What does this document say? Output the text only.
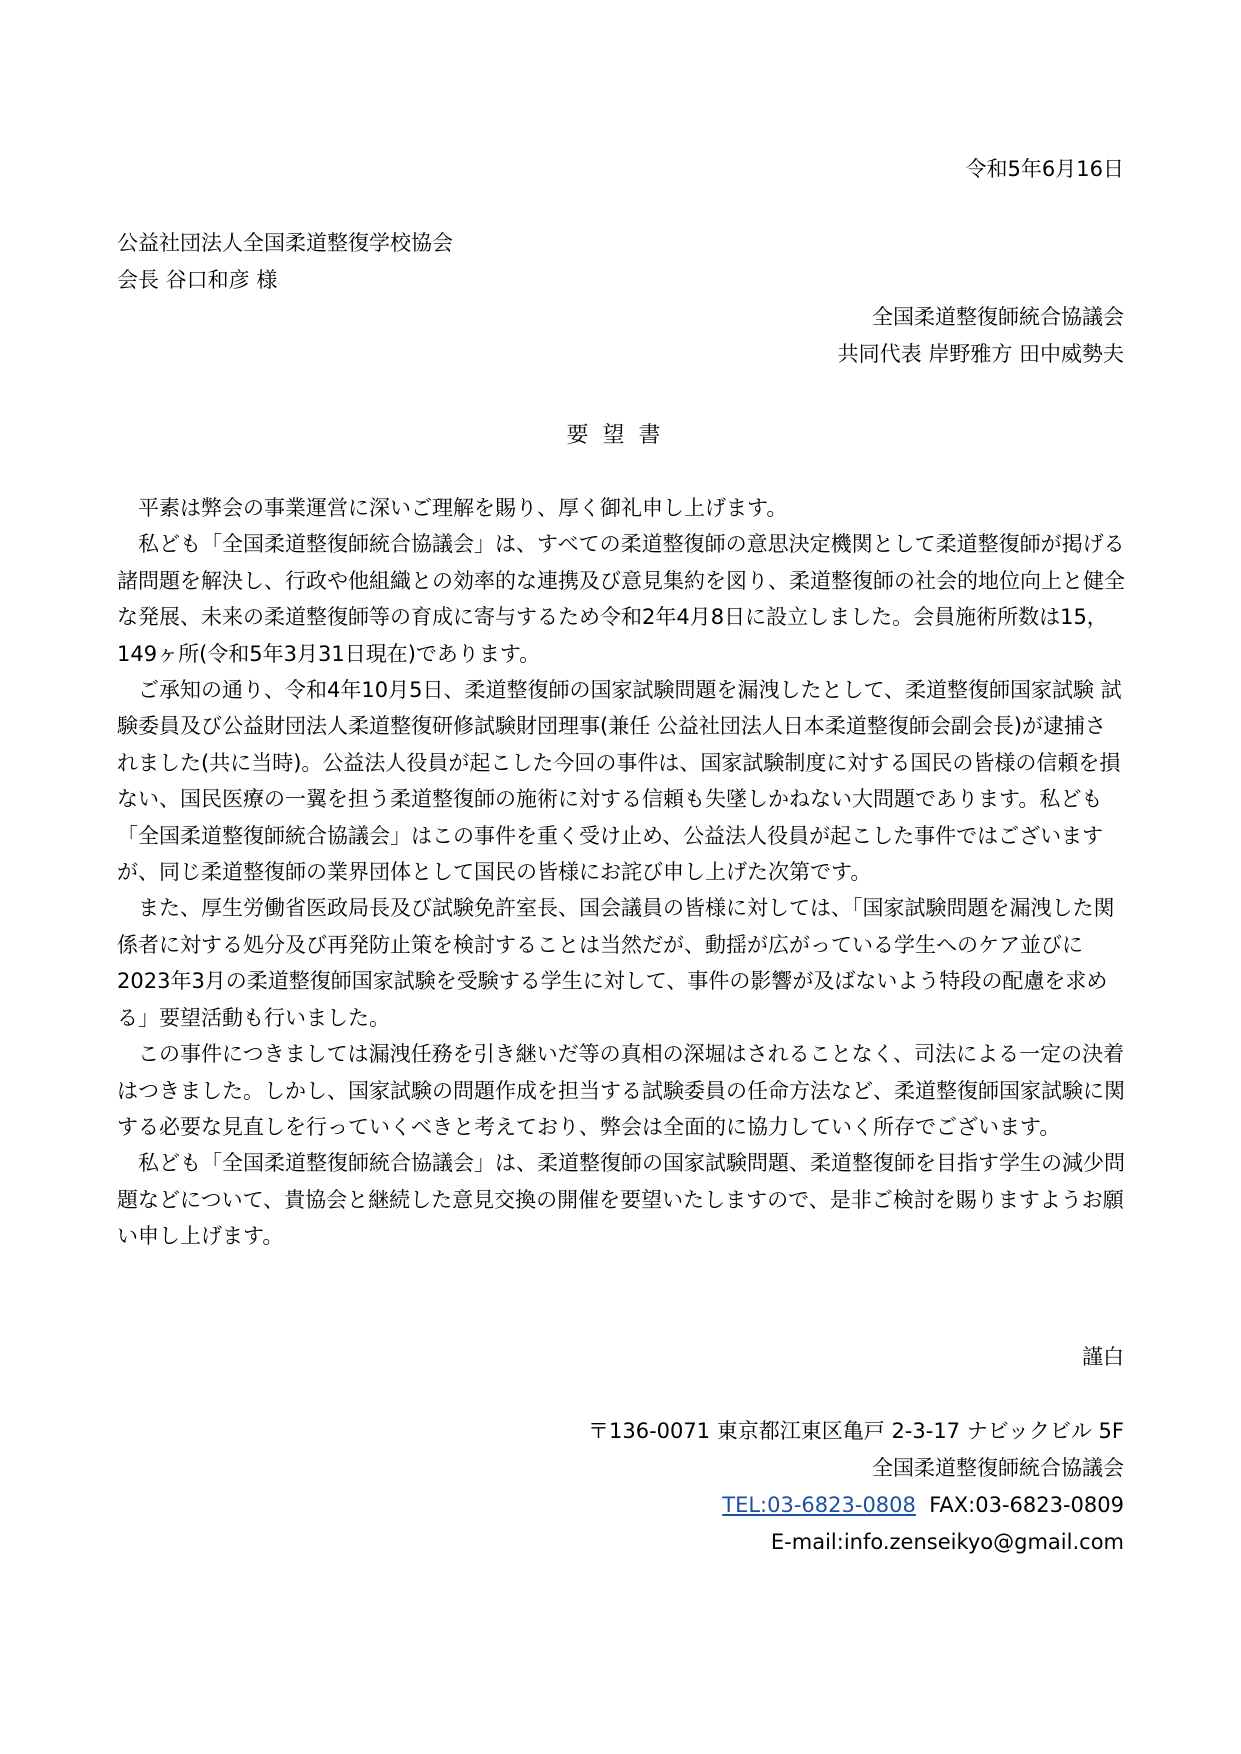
令和5年6月16日
公益社団法人全国柔道整復学校協会
会長 谷口和彦 様
全国柔道整復師統合協議会
共同代表 岸野雅方 田中威勢夫
要望書

平素は弊会の事業運営に深いご理解を賜り、厚く御礼申し上げます。

私ども「全国柔道整復師統合協議会」は、すべての柔道整復師の意思決定機関として柔道整復師が掲げる諸問題を解決し、行政や他組織との効率的な連携及び意見集約を図り、柔道整復師の社会的地位向上と健全な発展、未来の柔道整復師等の育成に寄与するため令和2年4月8日に設立しました。会員施術所数は15，149ヶ所(令和5年3月31日現在)であります。

ご承知の通り、令和4年10月5日、柔道整復師の国家試験問題を漏洩したとして、柔道整復師国家試験 試験委員及び公益財団法人柔道整復研修試験財団理事(兼任 公益社団法人日本柔道整復師会副会長)が逮捕されました(共に当時)。公益法人役員が起こした今回の事件は、国家試験制度に対する国民の皆様の信頼を損ない、国民医療の一翼を担う柔道整復師の施術に対する信頼も失墜しかねない大問題であります。私ども「全国柔道整復師統合協議会」はこの事件を重く受け止め、公益法人役員が起こした事件ではございますが、同じ柔道整復師の業界団体として国民の皆様にお詫び申し上げた次第です。

また、厚生労働省医政局長及び試験免許室長、国会議員の皆様に対しては、「国家試験問題を漏洩した関係者に対する処分及び再発防止策を検討することは当然だが、動揺が広がっている学生へのケア並びに2023年3月の柔道整復師国家試験を受験する学生に対して、事件の影響が及ばないよう特段の配慮を求める」要望活動も行いました。

この事件につきましては漏洩任務を引き継いだ等の真相の深堀はされることなく、司法による一定の決着はつきました。しかし、国家試験の問題作成を担当する試験委員の任命方法など、柔道整復師国家試験に関する必要な見直しを行っていくべきと考えており、弊会は全面的に協力していく所存でございます。

私ども「全国柔道整復師統合協議会」は、柔道整復師の国家試験問題、柔道整復師を目指す学生の減少問題などについて、貴協会と継続した意見交換の開催を要望いたしますので、是非ご検討を賜りますようお願い申し上げます。

謹白
〒136-0071 東京都江東区亀戸 2-3-17 ナビックビル 5F
全国柔道整復師統合協議会
TEL:03-6823-0808 FAX:03-6823-0809
E-mail:info.zenseikyo@gmail.com
